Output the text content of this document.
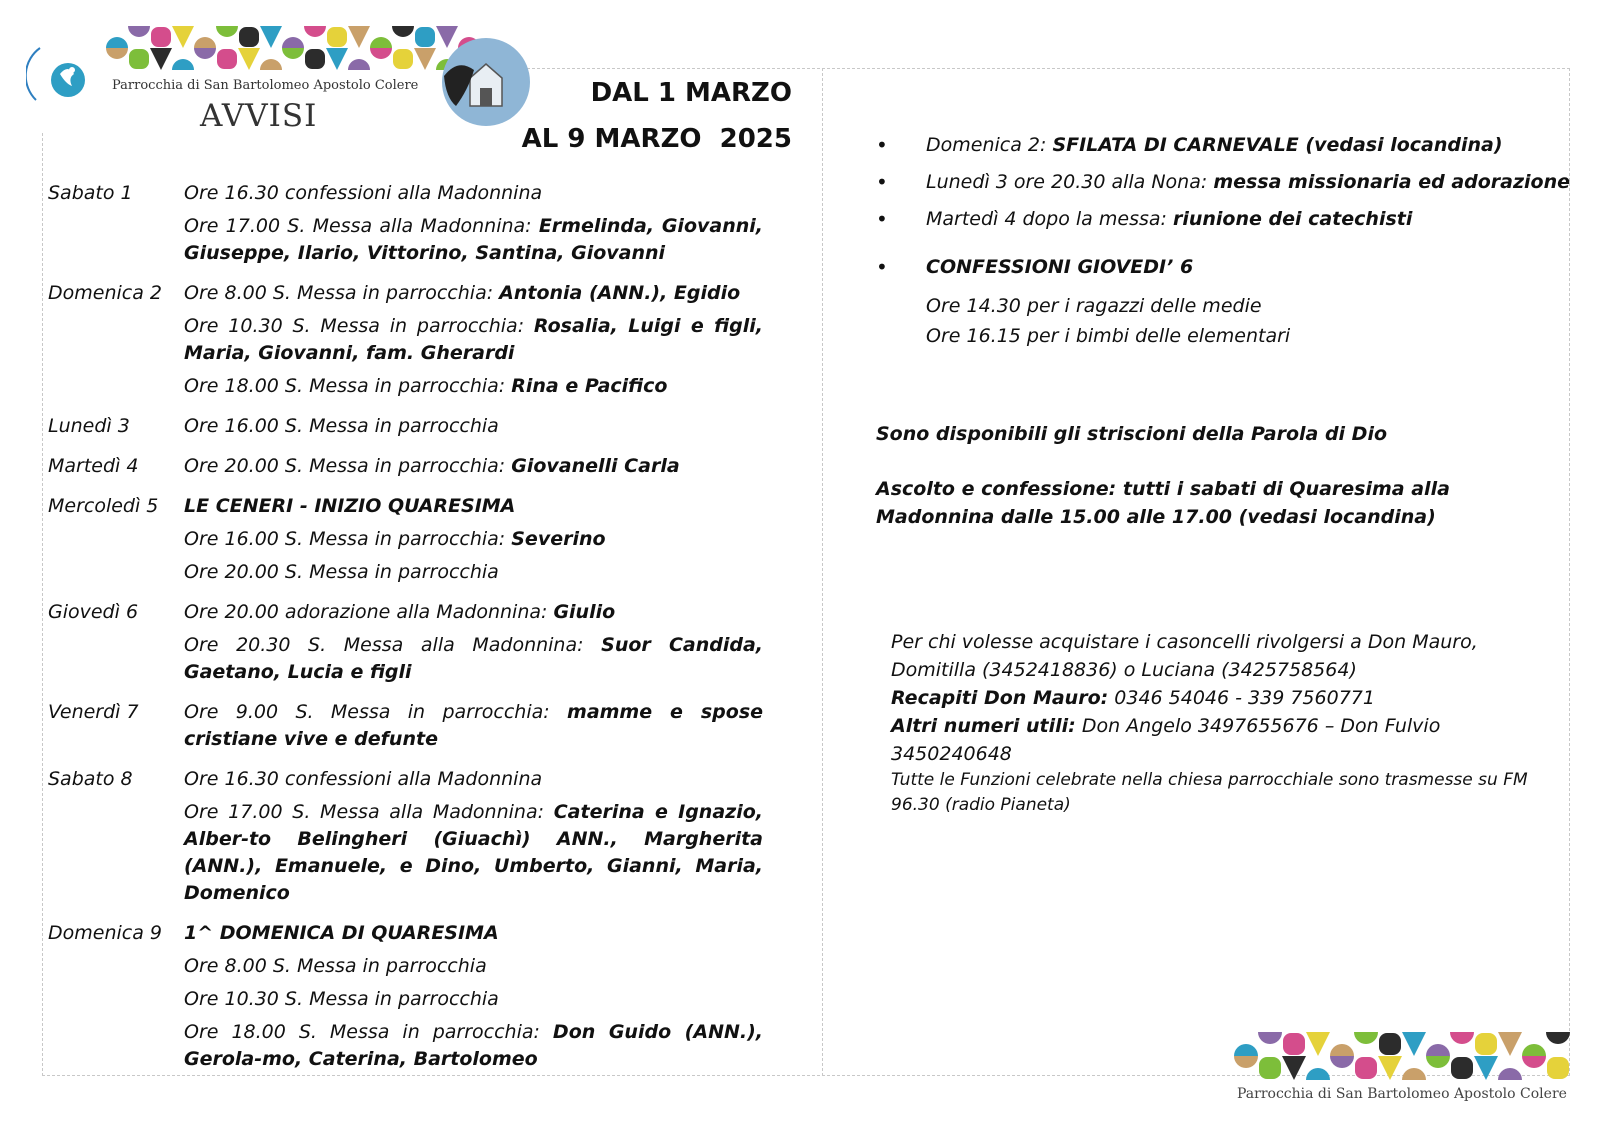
Parrocchia di San Bartolomeo Apostolo Colere
AVVISI
DAL 1 MARZO
AL 9 MARZO  2025
Sabato 1	Ore 16.30 confessioni alla Madonnina
Ore 17.00 S. Messa alla Madonnina: Ermelinda, Giovanni, Giuseppe, Ilario, Vittorino, Santina, Giovanni
Domenica 2	Ore 8.00 S. Messa in parrocchia: Antonia (ANN.), Egidio
Ore 10.30 S. Messa in parrocchia: Rosalia, Luigi e figli, Maria, Giovanni, fam. Gherardi
Ore 18.00 S. Messa in parrocchia: Rina e Pacifico
Lunedì 3	Ore 16.00 S. Messa in parrocchia
Martedì 4	Ore 20.00 S. Messa in parrocchia: Giovanelli Carla
Mercoledì 5	LE CENERI - INIZIO QUARESIMA
Ore 16.00 S. Messa in parrocchia: Severino
Ore 20.00 S. Messa in parrocchia
Giovedì 6	Ore 20.00 adorazione alla Madonnina: Giulio
Ore 20.30 S. Messa alla Madonnina: Suor Candida, Gaetano, Lucia e figli
Venerdì 7	Ore 9.00 S. Messa in parrocchia: mamme e spose cristiane vive e defunte
Sabato 8	Ore 16.30 confessioni alla Madonnina
Ore 17.00 S. Messa alla Madonnina: Caterina e Ignazio, Alber-to Belingheri (Giuachì) ANN., Margherita (ANN.), Emanuele, e Dino, Umberto, Gianni, Maria, Domenico
Domenica 9	1^ DOMENICA DI QUARESIMA
Ore 8.00 S. Messa in parrocchia
Ore 10.30 S. Messa in parrocchia
Ore 18.00 S. Messa in parrocchia: Don Guido (ANN.), Gerola-mo, Caterina, Bartolomeo
• Domenica 2: SFILATA DI CARNEVALE (vedasi locandina)
• Lunedì 3 ore 20.30 alla Nona: messa missionaria ed adorazione
• Martedì 4 dopo la messa: riunione dei catechisti
• CONFESSIONI GIOVEDI’ 6
Ore 14.30 per i ragazzi delle medie
Ore 16.15 per i bimbi delle elementari
Sono disponibili gli striscioni della Parola di Dio
Ascolto e confessione: tutti i sabati di Quaresima alla Madonnina dalle 15.00 alle 17.00 (vedasi locandina)
Per chi volesse acquistare i casoncelli rivolgersi a Don Mauro, Domitilla (3452418836) o Luciana (3425758564)
Recapiti Don Mauro: 0346 54046 - 339 7560771
Altri numeri utili: Don Angelo 3497655676 – Don Fulvio 3450240648
Tutte le Funzioni celebrate nella chiesa parrocchiale sono trasmesse su FM 96.30 (radio Pianeta)
Parrocchia di San Bartolomeo Apostolo Colere
